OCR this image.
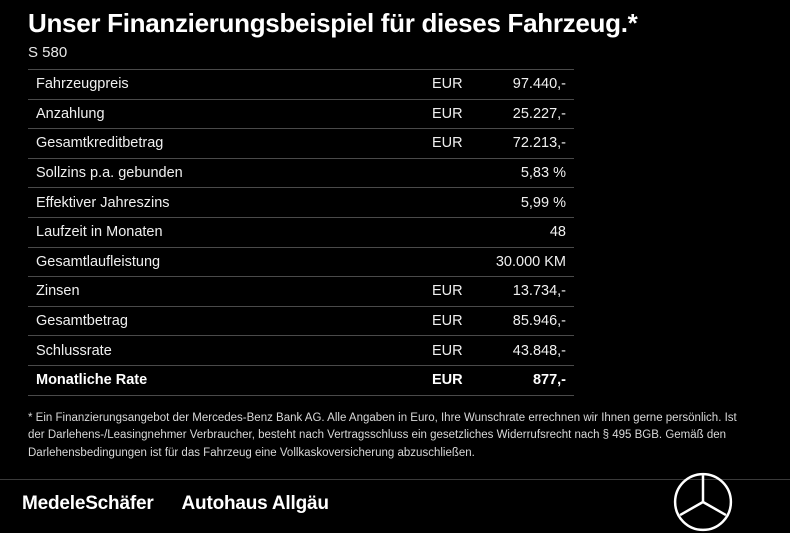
Unser Finanzierungsbeispiel für dieses Fahrzeug.*
S 580
Fahrzeugpreis	EUR	97.440,-
Anzahlung	EUR	25.227,-
Gesamtkreditbetrag	EUR	72.213,-
Sollzins p.a. gebunden	5,83 %
Effektiver Jahreszins	5,99 %
Laufzeit in Monaten	48
Gesamtlaufleistung	30.000 KM
Zinsen	EUR	13.734,-
Gesamtbetrag	EUR	85.946,-
Schlussrate	EUR	43.848,-
Monatliche Rate	EUR	877,-
* Ein Finanzierungsangebot der Mercedes-Benz Bank AG. Alle Angaben in Euro, Ihre Wunschrate errechnen wir Ihnen gerne persönlich. Ist der Darlehens-/Leasingnehmer Verbraucher, besteht nach Vertragsschluss ein gesetzliches Widerrufsrecht nach § 495 BGB. Gemäß den Darlehensbedingungen ist für das Fahrzeug eine Vollkaskoversicherung abzuschließen.
MedeleSchäfer Autohaus Allgäu
